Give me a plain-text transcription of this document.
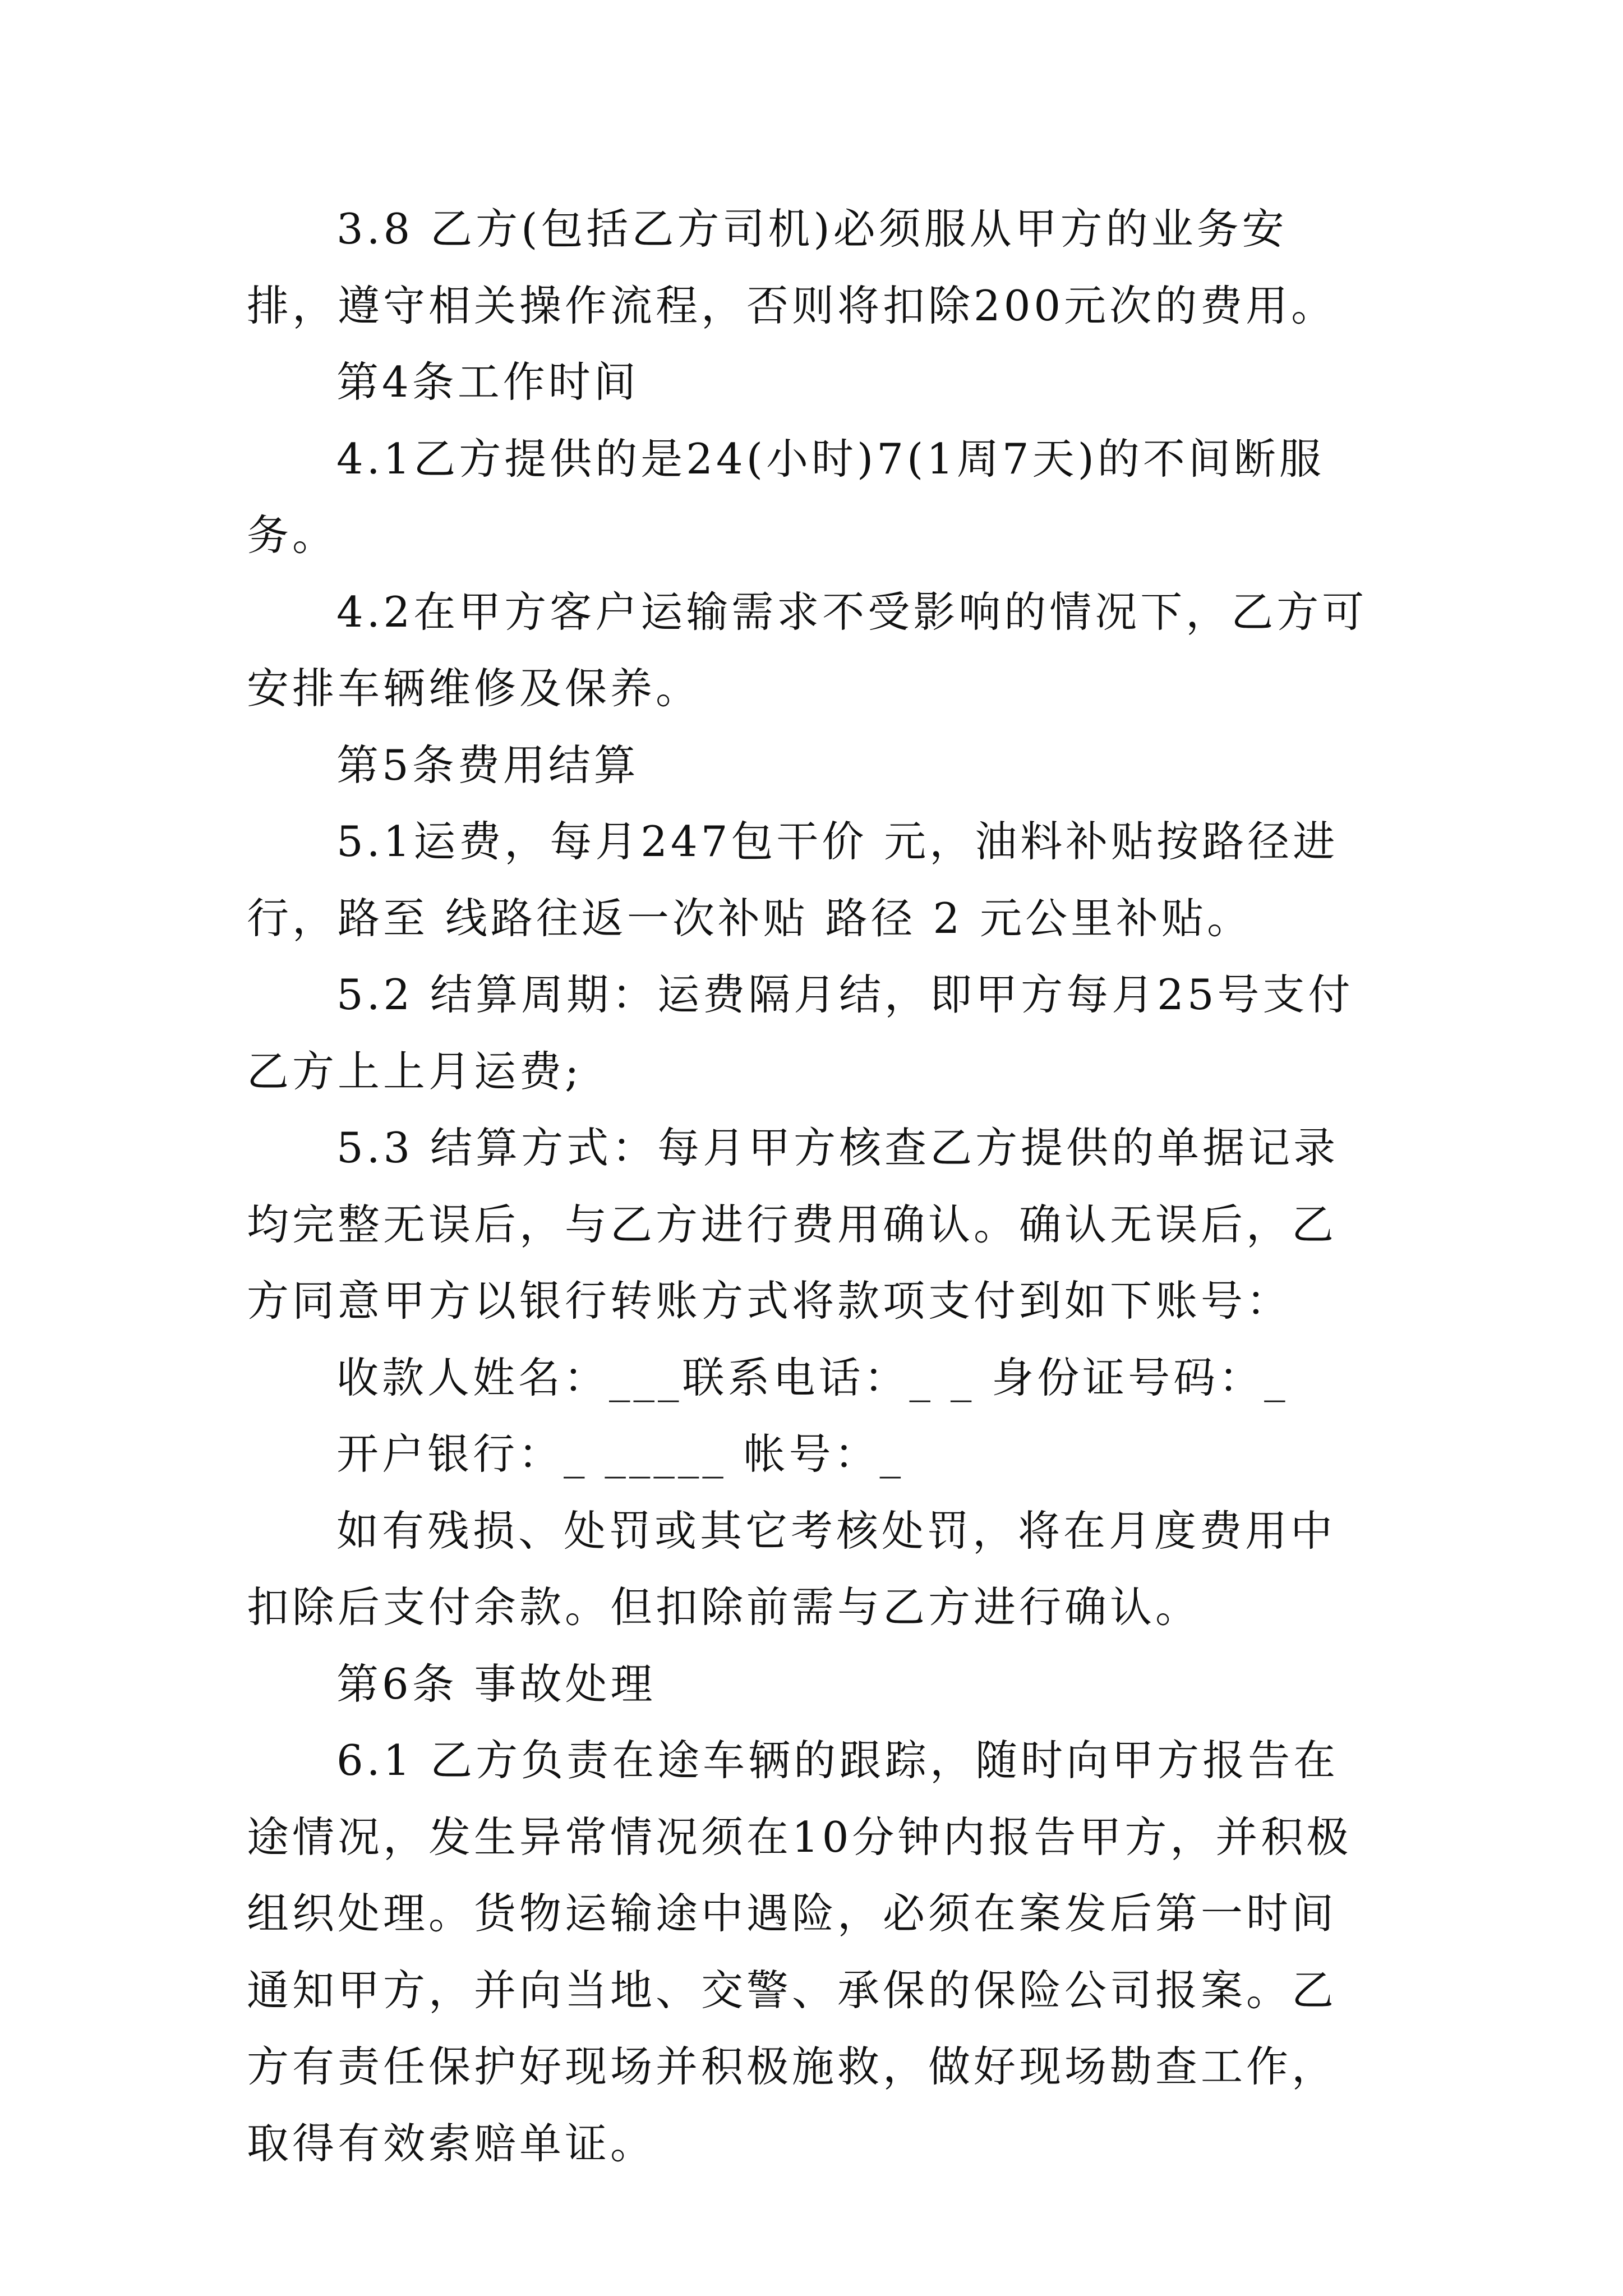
3.8 乙方(包括乙方司机)必须服从甲方的业务安排，遵守相关操作流程，否则将扣除200元次的费用。

第4条工作时间

4.1乙方提供的是24(小时)7(1周7天)的不间断服务。

4.2在甲方客户运输需求不受影响的情况下，乙方可安排车辆维修及保养。

第5条费用结算

5.1运费，每月247包干价 元，油料补贴按路径进行，路至 线路往返一次补贴 路径 2 元公里补贴。

5.2 结算周期：运费隔月结，即甲方每月25号支付乙方上上月运费;

5.3 结算方式：每月甲方核查乙方提供的单据记录均完整无误后，与乙方进行费用确认。确认无误后，乙方同意甲方以银行转账方式将款项支付到如下账号：

收款人姓名：___联系电话：_ _ 身份证号码：_

开户银行：_ _____ 帐号：_

如有残损、处罚或其它考核处罚，将在月度费用中扣除后支付余款。但扣除前需与乙方进行确认。

第6条 事故处理

6.1 乙方负责在途车辆的跟踪，随时向甲方报告在途情况，发生异常情况须在10分钟内报告甲方，并积极组织处理。货物运输途中遇险，必须在案发后第一时间通知甲方，并向当地、交警、承保的保险公司报案。乙方有责任保护好现场并积极施救，做好现场勘查工作，取得有效索赔单证。
